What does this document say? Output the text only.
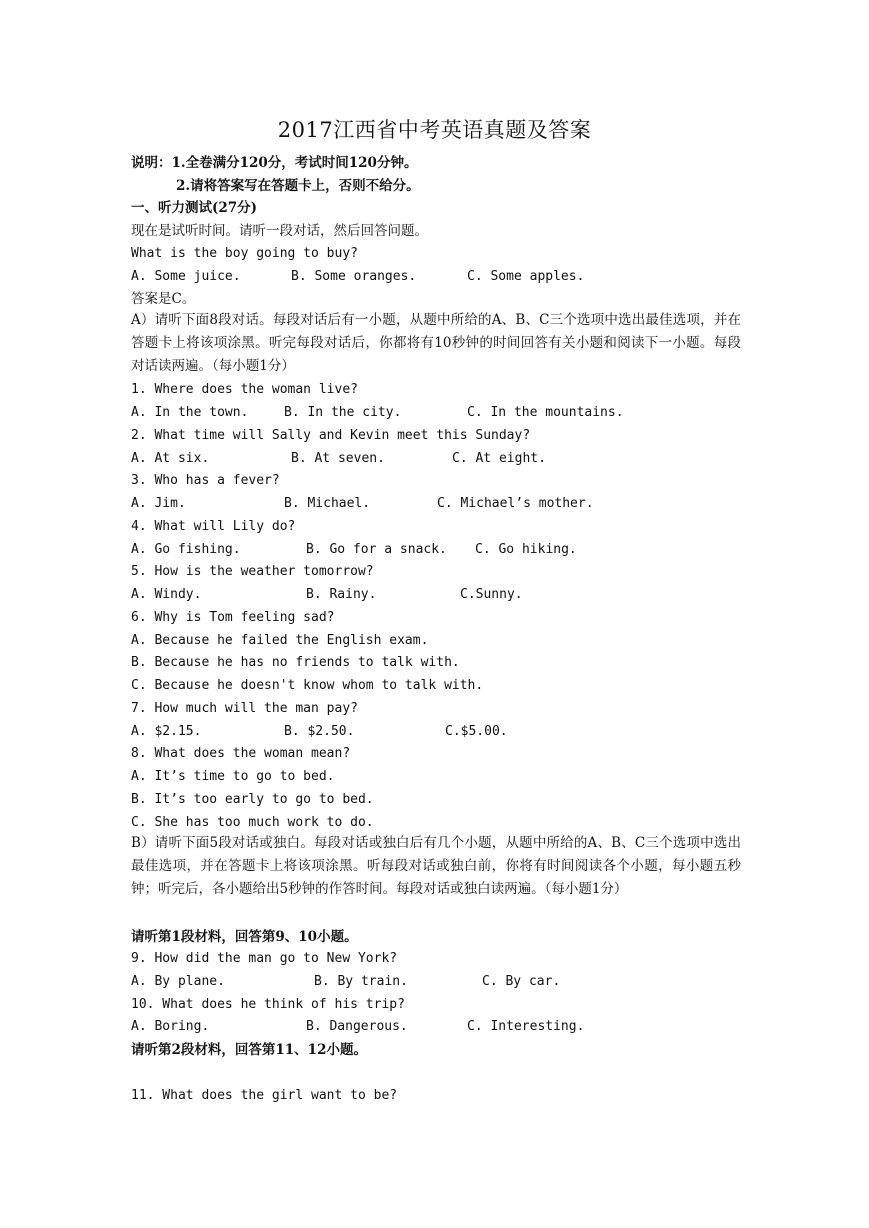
2017江西省中考英语真题及答案
说明：1.全卷满分120分，考试时间120分钟。
2.请将答案写在答题卡上，否则不给分。
一、听力测试(27分)
现在是试听时间。请听一段对话，然后回答问题。
What is the boy going to buy?
A. Some juice.	B. Some oranges.	C. Some apples.
答案是C。
A）请听下面8段对话。每段对话后有一小题，从题中所给的A、B、C三个选项中选出最佳选项，并在答题卡上将该项涂黑。听完每段对话后，你都将有10秒钟的时间回答有关小题和阅读下一小题。每段对话读两遍。（每小题1分）
1. Where does the woman live?
A. In the town.	B. In the city.	C. In the mountains.
2. What time will Sally and Kevin meet this Sunday?
A. At six.	B. At seven.	C. At eight.
3. Who has a fever?
A. Jim.	B. Michael.	C. Michael’s mother.
4. What will Lily do?
A. Go fishing.	B. Go for a snack. C. Go hiking.
5. How is the weather tomorrow?
A. Windy.	B. Rainy.	C.Sunny.
6. Why is Tom feeling sad?
A. Because he failed the English exam.
B. Because he has no friends to talk with.
C. Because he doesn't know whom to talk with.
7. How much will the man pay?
A. $2.15.	B. $2.50.	C.$5.00.
8. What does the woman mean?
A. It’s time to go to bed.
B. It’s too early to go to bed.
C. She has too much work to do.
B）请听下面5段对话或独白。每段对话或独白后有几个小题，从题中所给的A、B、C三个选项中选出最佳选项，并在答题卡上将该项涂黑。听每段对话或独白前，你将有时间阅读各个小题，每小题五秒钟；听完后，各小题给出5秒钟的作答时间。每段对话或独白读两遍。（每小题1分）
请听第1段材料，回答第9、10小题。
9. How did the man go to New York?
A. By plane.	B. By train.	C. By car.
10. What does he think of his trip?
A. Boring.	B. Dangerous.	C. Interesting.
请听第2段材料，回答第11、12小题。
11. What does the girl want to be?
